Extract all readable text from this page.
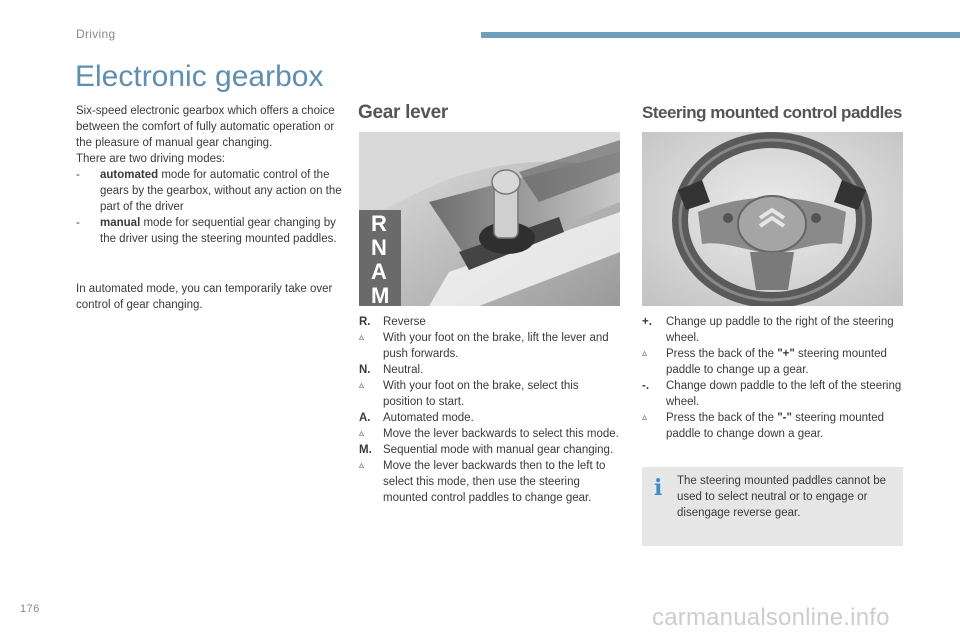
Driving
Electronic gearbox

Six-speed electronic gearbox which offers a choice between the comfort of fully automatic operation or the pleasure of manual gear changing.

There are two driving modes:

-	automated mode for automatic control of the gears by the gearbox, without any action on the part of the driver
-	manual mode for sequential gear changing by the driver using the steering mounted paddles.

In automated mode, you can temporarily take over control of gear changing.

Gear lever
R
N
A
M
R.	Reverse
▵	With your foot on the brake, lift the lever and push forwards.
N.	Neutral.
▵	With your foot on the brake, select this position to start.
A.	Automated mode.
▵	Move the lever backwards to select this mode.
M. Sequential mode with manual gear changing.
▵	Move the lever backwards then to the left to select this mode, then use the steering mounted control paddles to change gear.
Steering mounted control paddles
+.	Change up paddle to the right of the steering wheel.
▵	Press the back of the "+" steering mounted paddle to change up a gear.
-.	Change down paddle to the left of the steering wheel.
▵	Press the back of the "-" steering mounted paddle to change down a gear.
i The steering mounted paddles cannot be used to select neutral or to engage or disengage reverse gear.
176	carmanualsonline.info
